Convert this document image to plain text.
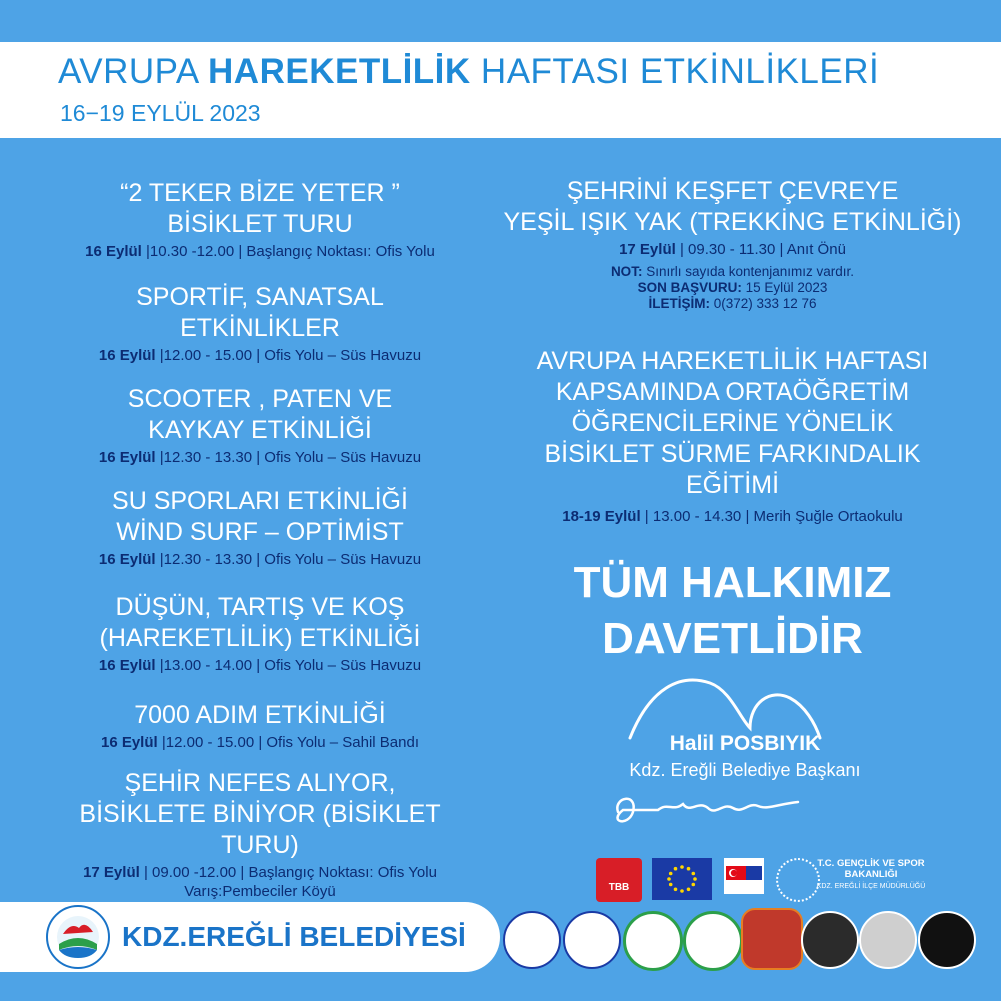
AVRUPA HAREKETLİLİK HAFTASI ETKİNLİKLERİ
16−19 EYLÜL 2023
“2 TEKER BİZE YETER ”
BİSİKLET TURU
16 Eylül |10.30 -12.00 | Başlangıç Noktası: Ofis Yolu
SPORTİF, SANATSAL
ETKİNLİKLER
16 Eylül |12.00 - 15.00 | Ofis Yolu – Süs Havuzu
SCOOTER , PATEN VE
KAYKAY ETKİNLİĞİ
16 Eylül |12.30 - 13.30 | Ofis Yolu – Süs Havuzu
SU SPORLARI ETKİNLİĞİ
WİND SURF – OPTİMİST
16 Eylül |12.30 - 13.30 | Ofis Yolu – Süs Havuzu
DÜŞÜN, TARTIŞ VE KOŞ
(HAREKETLİLİK) ETKİNLİĞİ
16 Eylül |13.00 - 14.00 | Ofis Yolu – Süs Havuzu
7000 ADIM ETKİNLİĞİ
16 Eylül |12.00 - 15.00 | Ofis Yolu – Sahil Bandı
ŞEHİR NEFES ALIYOR,
BİSİKLETE BİNİYOR (BİSİKLET TURU)
17 Eylül | 09.00 -12.00 | Başlangıç Noktası: Ofis Yolu
Varış:Pembeciler Köyü
ŞEHRİNİ KEŞFET ÇEVREYE
YEŞİL IŞIK YAK (TREKKİNG ETKİNLİĞİ)
17 Eylül | 09.30 - 11.30 | Anıt Önü
NOT: Sınırlı sayıda kontenjanımız vardır.
SON BAŞVURU: 15 Eylül 2023
İLETİŞİM: 0(372) 333 12 76
AVRUPA HAREKETLİLİK HAFTASI
KAPSAMINDA ORTAÖĞRETİM
ÖĞRENCİLERİNE YÖNELİK
BİSİKLET SÜRME FARKINDALIK EĞİTİMİ
18-19 Eylül | 13.00 - 14.30 | Merih Şuğle Ortaokulu
TÜM HALKIMIZ
DAVETLİDİR
Halil POSBIYIK
Kdz. Ereğli Belediye Başkanı
TBB
T.C. GENÇLİK VE SPOR BAKANLIĞI
KDZ. EREĞLİ İLÇE MÜDÜRLÜĞÜ
KDZ.EREĞLİ BELEDİYESİ
